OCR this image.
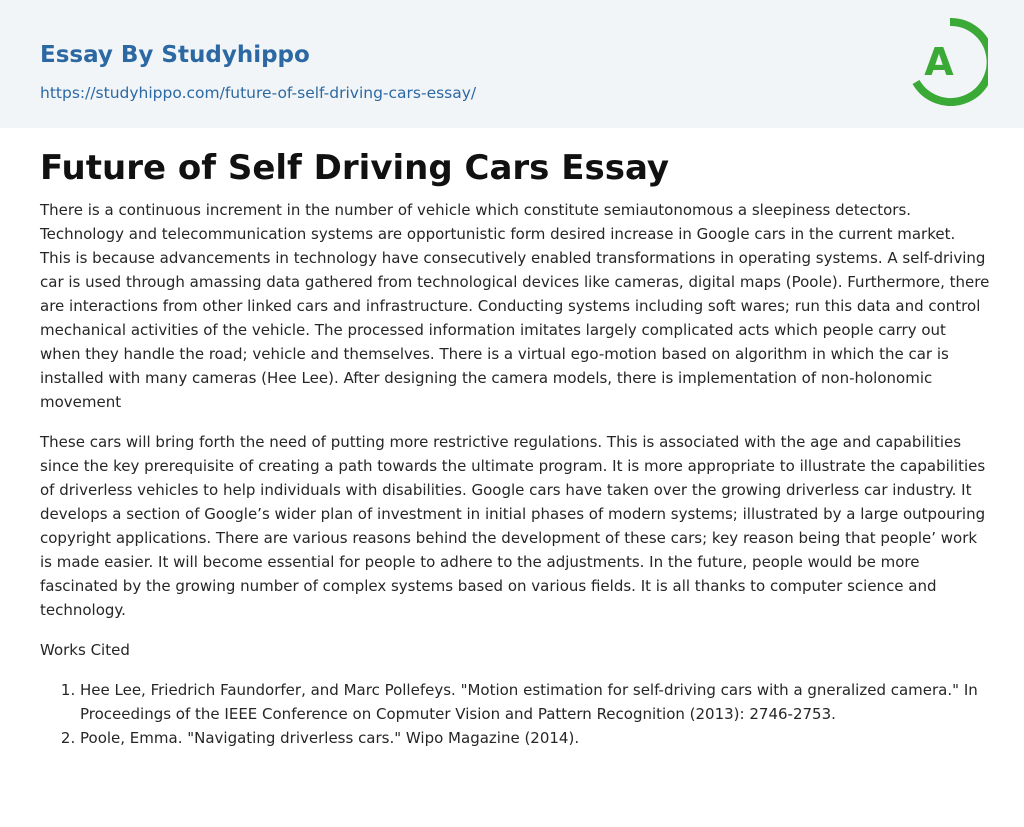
Essay By Studyhippo
https://studyhippo.com/future-of-self-driving-cars-essay/
A
Future of Self Driving Cars Essay

There is a continuous increment in the number of vehicle which constitute semiautonomous a sleepiness detectors. Technology and telecommunication systems are opportunistic form desired increase in Google cars in the current market. This is because advancements in technology have consecutively enabled transformations in operating systems. A self-driving car is used through amassing data gathered from technological devices like cameras, digital maps (Poole). Furthermore, there are interactions from other linked cars and infrastructure. Conducting systems including soft wares; run this data and control mechanical activities of the vehicle. The processed information imitates largely complicated acts which people carry out when they handle the road; vehicle and themselves. There is a virtual ego-motion based on algorithm in which the car is installed with many cameras (Hee Lee). After designing the camera models, there is implementation of non-holonomic movement

These cars will bring forth the need of putting more restrictive regulations. This is associated with the age and capabilities since the key prerequisite of creating a path towards the ultimate program. It is more appropriate to illustrate the capabilities of driverless vehicles to help individuals with disabilities. Google cars have taken over the growing driverless car industry. It develops a section of Google’s wider plan of investment in initial phases of modern systems; illustrated by a large outpouring copyright applications. There are various reasons behind the development of these cars; key reason being that people’ work is made easier. It will become essential for people to adhere to the adjustments. In the future, people would be more fascinated by the growing number of complex systems based on various fields. It is all thanks to computer science and technology.

Works Cited
1. Hee Lee, Friedrich Faundorfer, and Marc Pollefeys. "Motion estimation for self-driving cars with a gneralized camera." In Proceedings of the IEEE Conference on Copmuter Vision and Pattern Recognition (2013): 2746-2753.
2. Poole, Emma. "Navigating driverless cars." Wipo Magazine (2014).
